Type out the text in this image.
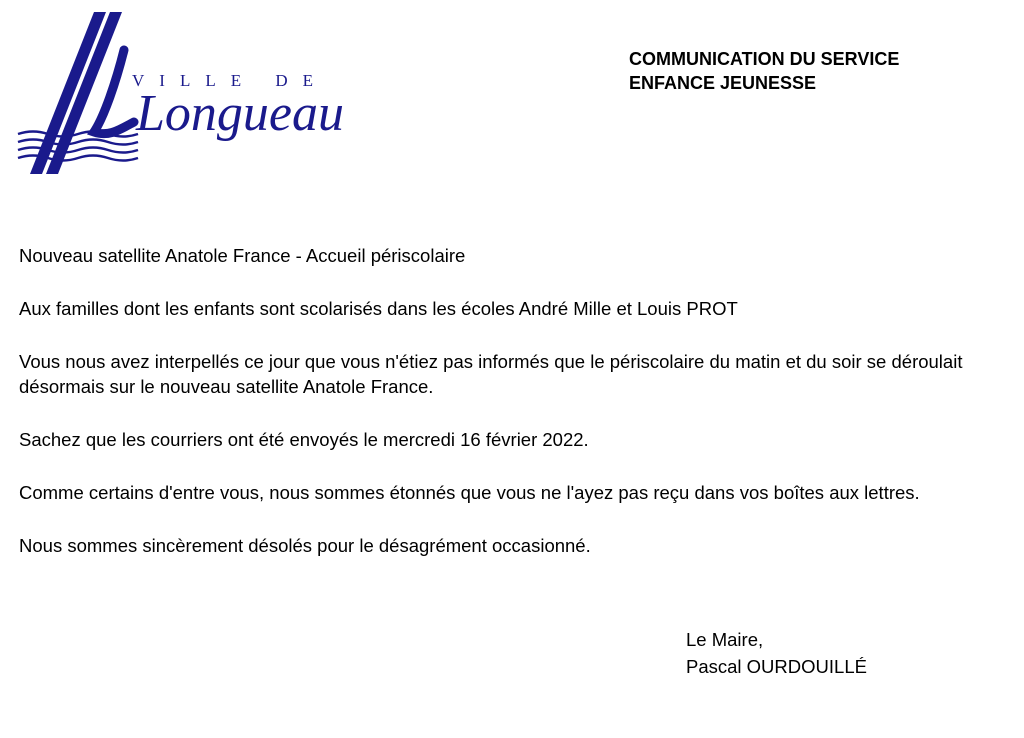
VILLE DE
Longueau
COMMUNICATION DU SERVICE
ENFANCE JEUNESSE

Nouveau satellite Anatole France - Accueil périscolaire

Aux familles dont les enfants sont scolarisés dans les écoles André Mille et Louis PROT

Vous nous avez interpellés ce jour que vous n'étiez pas informés que le périscolaire du matin et du soir se déroulait désormais sur le nouveau satellite Anatole France.

Sachez que les courriers ont été envoyés le mercredi 16 février 2022.

Comme certains d'entre vous, nous sommes étonnés que vous ne l'ayez pas reçu dans vos boîtes aux lettres.

Nous sommes sincèrement désolés pour le désagrément occasionné.

Le Maire,
Pascal OURDOUILLÉ
